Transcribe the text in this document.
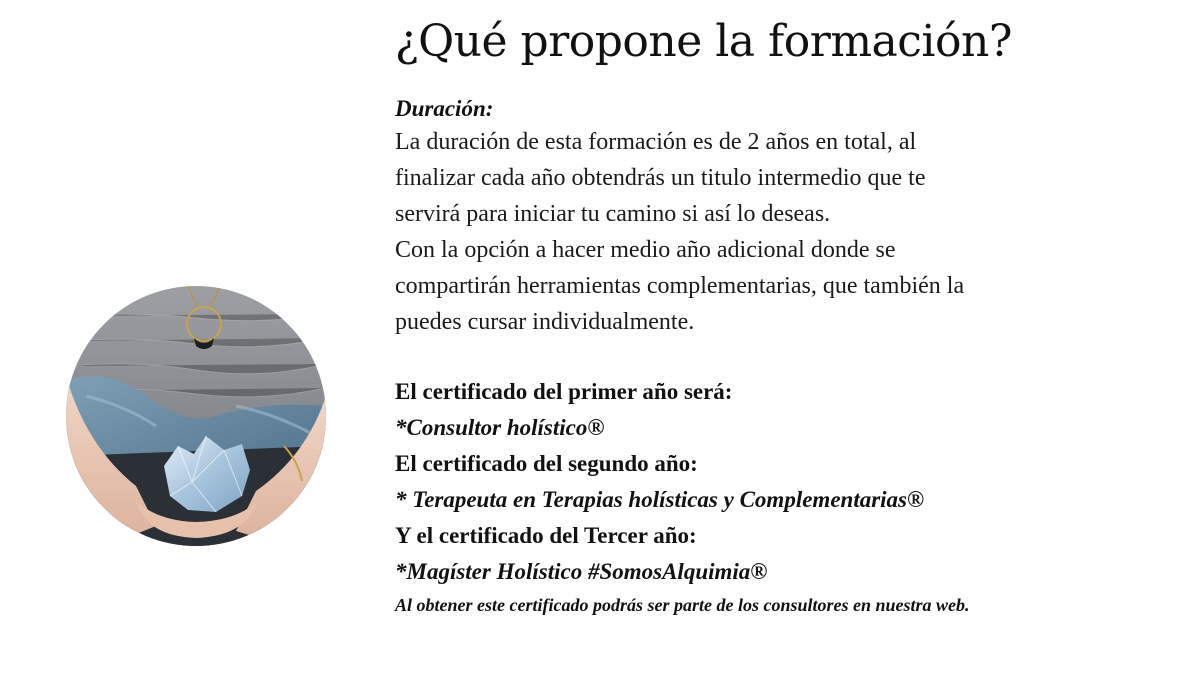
¿Qué propone la formación?
Duración:

La duración de esta formación es de 2 años en total, al
finalizar cada año obtendrás un titulo intermedio que te
servirá para iniciar tu camino si así lo deseas.
Con la opción a hacer medio año adicional donde se
compartirán herramientas complementarias, que también la
puedes cursar individualmente.

El certificado del primer año será:
*Consultor holístico®
El certificado del segundo año:
* Terapeuta en Terapias holísticas y Complementarias®
Y el certificado del Tercer año:
*Magíster Holístico #SomosAlquimia®
Al obtener este certificado podrás ser parte de los consultores en nuestra web.
